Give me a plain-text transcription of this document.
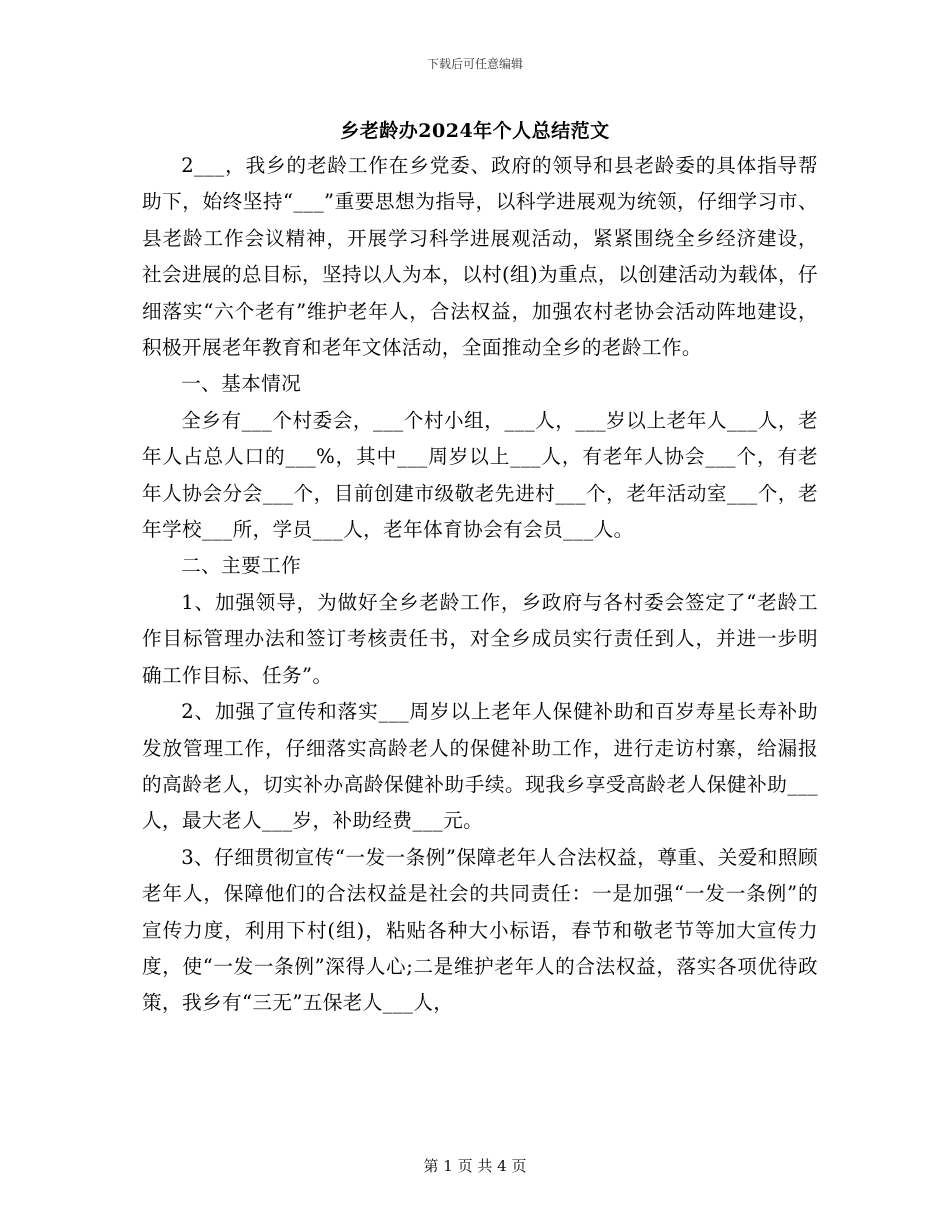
下载后可任意编辑
乡老龄办2024年个人总结范文

2___，我乡的老龄工作在乡党委、政府的领导和县老龄委的具体指导帮助下，始终坚持“___”重要思想为指导，以科学进展观为统领，仔细学习市、县老龄工作会议精神，开展学习科学进展观活动，紧紧围绕全乡经济建设，社会进展的总目标，坚持以人为本，以村(组)为重点，以创建活动为载体，仔细落实“六个老有”维护老年人，合法权益，加强农村老协会活动阵地建设，积极开展老年教育和老年文体活动，全面推动全乡的老龄工作。

一、基本情况

全乡有___个村委会，___个村小组，___人，___岁以上老年人___人，老年人占总人口的___%，其中___周岁以上___人，有老年人协会___个，有老年人协会分会___个，目前创建市级敬老先进村___个，老年活动室___个，老年学校___所，学员___人，老年体育协会有会员___人。

二、主要工作

1、加强领导，为做好全乡老龄工作，乡政府与各村委会签定了“老龄工作目标管理办法和签订考核责任书，对全乡成员实行责任到人，并进一步明确工作目标、任务”。

2、加强了宣传和落实___周岁以上老年人保健补助和百岁寿星长寿补助发放管理工作，仔细落实高龄老人的保健补助工作，进行走访村寨，给漏报的高龄老人，切实补办高龄保健补助手续。现我乡享受高龄老人保健补助___人，最大老人___岁，补助经费___元。

3、仔细贯彻宣传“一发一条例”保障老年人合法权益，尊重、关爱和照顾老年人，保障他们的合法权益是社会的共同责任：一是加强“一发一条例”的宣传力度，利用下村(组)，粘贴各种大小标语，春节和敬老节等加大宣传力度，使“一发一条例”深得人心;二是维护老年人的合法权益，落实各项优待政策，我乡有“三无”五保老人___人，

第 1 页 共 4 页
